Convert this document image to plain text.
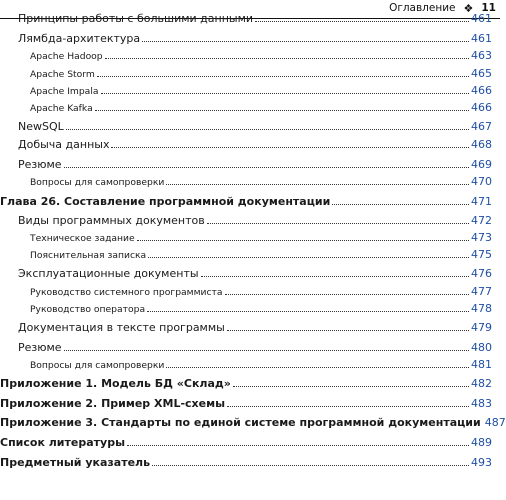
Оглавление ❖ 11
Принципы работы с большими данными	461
Лямбда-архитектура	461
Apache Hadoop	463
Apache Storm	465
Apache Impala	466
Apache Kafka	466
NewSQL	467
Добыча данных	468
Резюме	469
Вопросы для самопроверки	470
Глава 26. Составление программной документации	471
Виды программных документов	472
Техническое задание	473
Пояснительная записка	475
Эксплуатационные документы	476
Руководство системного программиста	477
Руководство оператора	478
Документация в тексте программы	479
Резюме	480
Вопросы для самопроверки	481
Приложение 1. Модель БД «Склад»	482
Приложение 2. Пример XML-схемы	483
Приложение 3. Стандарты по единой системе программной документации 487
Список литературы	489
Предметный указатель	493
